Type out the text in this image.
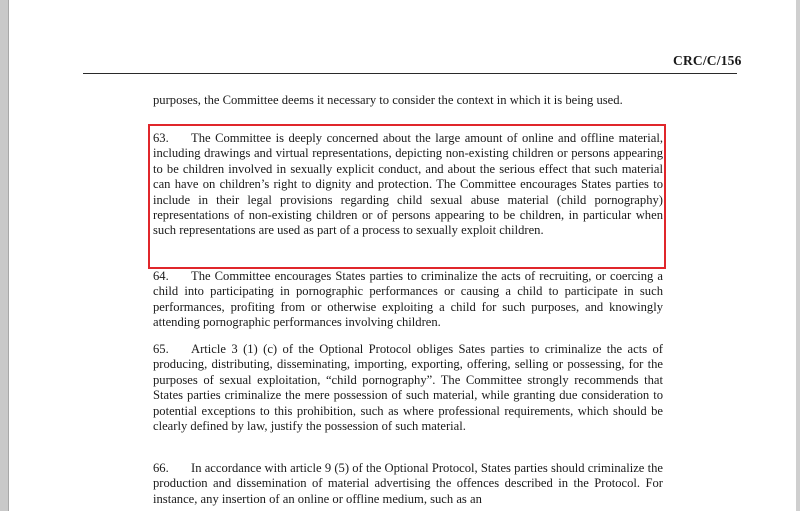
CRC/C/156

purposes, the Committee deems it necessary to consider the context in which it is being used.

63. The Committee is deeply concerned about the large amount of online and offline material, including drawings and virtual representations, depicting non-existing children or persons appearing to be children involved in sexually explicit conduct, and about the serious effect that such material can have on children’s right to dignity and protection. The Committee encourages States parties to include in their legal provisions regarding child sexual abuse material (child pornography) representations of non-existing children or of persons appearing to be children, in particular when such representations are used as part of a process to sexually exploit children.

64. The Committee encourages States parties to criminalize the acts of recruiting, or coercing a child into participating in pornographic performances or causing a child to participate in such performances, profiting from or otherwise exploiting a child for such purposes, and knowingly attending pornographic performances involving children.

65. Article 3 (1) (c) of the Optional Protocol obliges Sates parties to criminalize the acts of producing, distributing, disseminating, importing, exporting, offering, selling or possessing, for the purposes of sexual exploitation, “child pornography”. The Committee strongly recommends that States parties criminalize the mere possession of such material, while granting due consideration to potential exceptions to this prohibition, such as where professional requirements, which should be clearly defined by law, justify the possession of such material.

66. In accordance with article 9 (5) of the Optional Protocol, States parties should criminalize the production and dissemination of material advertising the offences described in the Protocol. For instance, any insertion of an online or offline medium, such as an
